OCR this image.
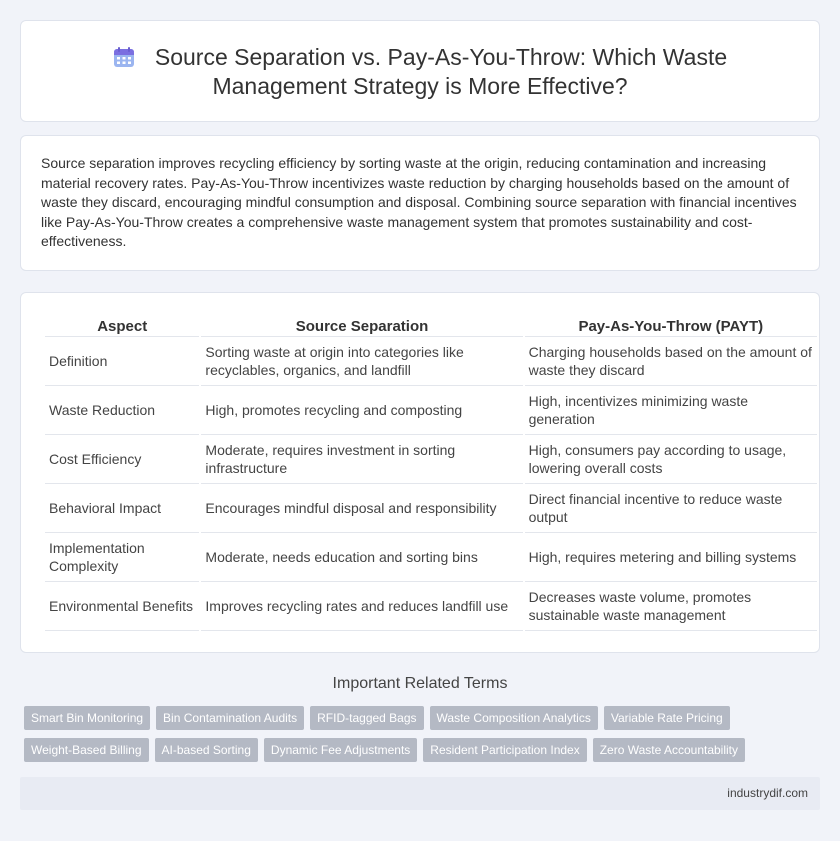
Source Separation vs. Pay-As-You-Throw: Which Waste
Management Strategy is More Effective?

Source separation improves recycling efficiency by sorting waste at the origin, reducing contamination and increasing material recovery rates. Pay-As-You-Throw incentivizes waste reduction by charging households based on the amount of waste they discard, encouraging mindful consumption and disposal. Combining source separation with financial incentives like Pay-As-You-Throw creates a comprehensive waste management system that promotes sustainability and cost-effectiveness.

Aspect	Source Separation	Pay-As-You-Throw (PAYT)
Definition	Sorting waste at origin into categories like recyclables, organics, and landfill	Charging households based on the amount of waste they discard
Waste Reduction	High, promotes recycling and composting	High, incentivizes minimizing waste generation
Cost Efficiency	Moderate, requires investment in sorting infrastructure	High, consumers pay according to usage, lowering overall costs
Behavioral Impact	Encourages mindful disposal and responsibility	Direct financial incentive to reduce waste output
Implementation Complexity	Moderate, needs education and sorting bins	High, requires metering and billing systems
Environmental Benefits	Improves recycling rates and reduces landfill use	Decreases waste volume, promotes sustainable waste management
Important Related Terms
Smart Bin Monitoring Bin Contamination Audits RFID-tagged Bags Waste Composition Analytics Variable Rate Pricing
Weight-Based Billing AI-based Sorting Dynamic Fee Adjustments Resident Participation Index Zero Waste Accountability
industrydif.com
